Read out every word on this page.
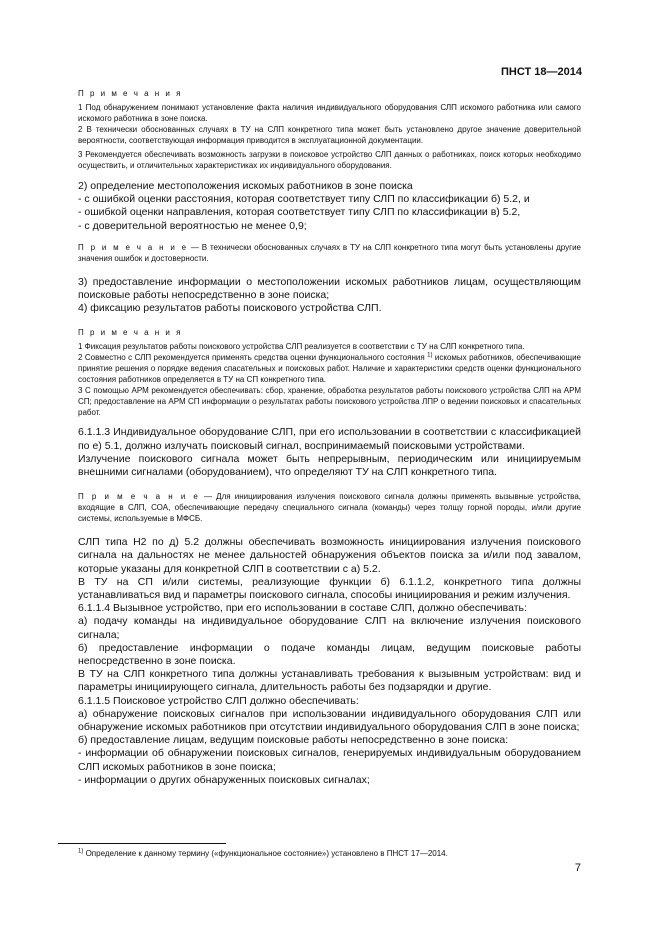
ПНСТ 18—2014

П р и м е ч а н и я

1 Под обнаружением понимают установление факта наличия индивидуального оборудования СЛП искомого работника или самого искомого работника в зоне поиска.

2 В технически обоснованных случаях в ТУ на СЛП конкретного типа может быть установлено другое значение доверительной вероятности, соответствующая информация приводится в эксплуатационной документации.

3 Рекомендуется обеспечивать возможность загрузки в поисковое устройство СЛП данных о работниках, поиск которых необходимо осуществить, и отличительных характеристиках их индивидуального оборудования.

2) определение местоположения искомых работников в зоне поиска

- с ошибкой оценки расстояния, которая соответствует типу СЛП по классификации б) 5.2, и

- ошибкой оценки направления, которая соответствует типу СЛП по классификации в) 5.2,

- с доверительной вероятностью не менее 0,9;

П р и м е ч а н и е — В технически обоснованных случаях в ТУ на СЛП конкретного типа могут быть установлены другие значения ошибок и достоверности.

3) предоставление информации о местоположении искомых работников лицам, осуществляющим поисковые работы непосредственно в зоне поиска;

4) фиксацию результатов работы поискового устройства СЛП.

П р и м е ч а н и я

1 Фиксация результатов работы поискового устройства СЛП реализуется в соответствии с ТУ на СЛП конкретного типа.

2 Совместно с СЛП рекомендуется применять средства оценки функционального состояния $^{1)}$ искомых работников, обеспечивающие принятие решения о порядке ведения спасательных и поисковых работ. Наличие и характеристики средств оценки функционального состояния работников определяется в ТУ на СП конкретного типа.

3 С помощью АРМ рекомендуется обеспечивать: сбор, хранение, обработка результатов работы поискового устройства СЛП на АРМ СП; предоставление на АРМ СП информации о результатах работы поискового устройства ЛПР о ведении поисковых и спасательных работ.

6.1.1.3 Индивидуальное оборудование СЛП, при его использовании в соответствии с классификацией по е) 5.1, должно излучать поисковый сигнал, воспринимаемый поисковыми устройствами.

Излучение поискового сигнала может быть непрерывным, периодическим или инициируемым внешними сигналами (оборудованием), что определяют ТУ на СЛП конкретного типа.

П р и м е ч а н и е — Для инициирования излучения поискового сигнала должны применять вызывные устройства, входящие в СЛП, СОА, обеспечивающие передачу специального сигнала (команды) через толщу горной породы, и/или другие системы, используемые в МФСБ.

СЛП типа Н2 по д) 5.2 должны обеспечивать возможность инициирования излучения поискового сигнала на дальностях не менее дальностей обнаружения объектов поиска за и/или под завалом, которые указаны для конкретной СЛП в соответствии с а) 5.2.

В ТУ на СП и/или системы, реализующие функции б) 6.1.1.2, конкретного типа должны устанавливаться вид и параметры поискового сигнала, способы инициирования и режим излучения.

6.1.1.4 Вызывное устройство, при его использовании в составе СЛП, должно обеспечивать:

а) подачу команды на индивидуальное оборудование СЛП на включение излучения поискового сигнала;

б) предоставление информации о подаче команды лицам, ведущим поисковые работы непосредственно в зоне поиска.

В ТУ на СЛП конкретного типа должны устанавливать требования к вызывным устройствам: вид и параметры инициирующего сигнала, длительность работы без подзарядки и другие.

6.1.1.5 Поисковое устройство СЛП должно обеспечивать:

а) обнаружение поисковых сигналов при использовании индивидуального оборудования СЛП или обнаружение искомых работников при отсутствии индивидуального оборудования СЛП в зоне поиска;

б) предоставление лицам, ведущим поисковые работы непосредственно в зоне поиска:

- информации об обнаружении поисковых сигналов, генерируемых индивидуальным оборудованием СЛП искомых работников в зоне поиска;

- информации о других обнаруженных поисковых сигналах;

$^{1)}$ Определение к данному термину («функциональное состояние») установлено в ПНСТ 17—2014.
7
